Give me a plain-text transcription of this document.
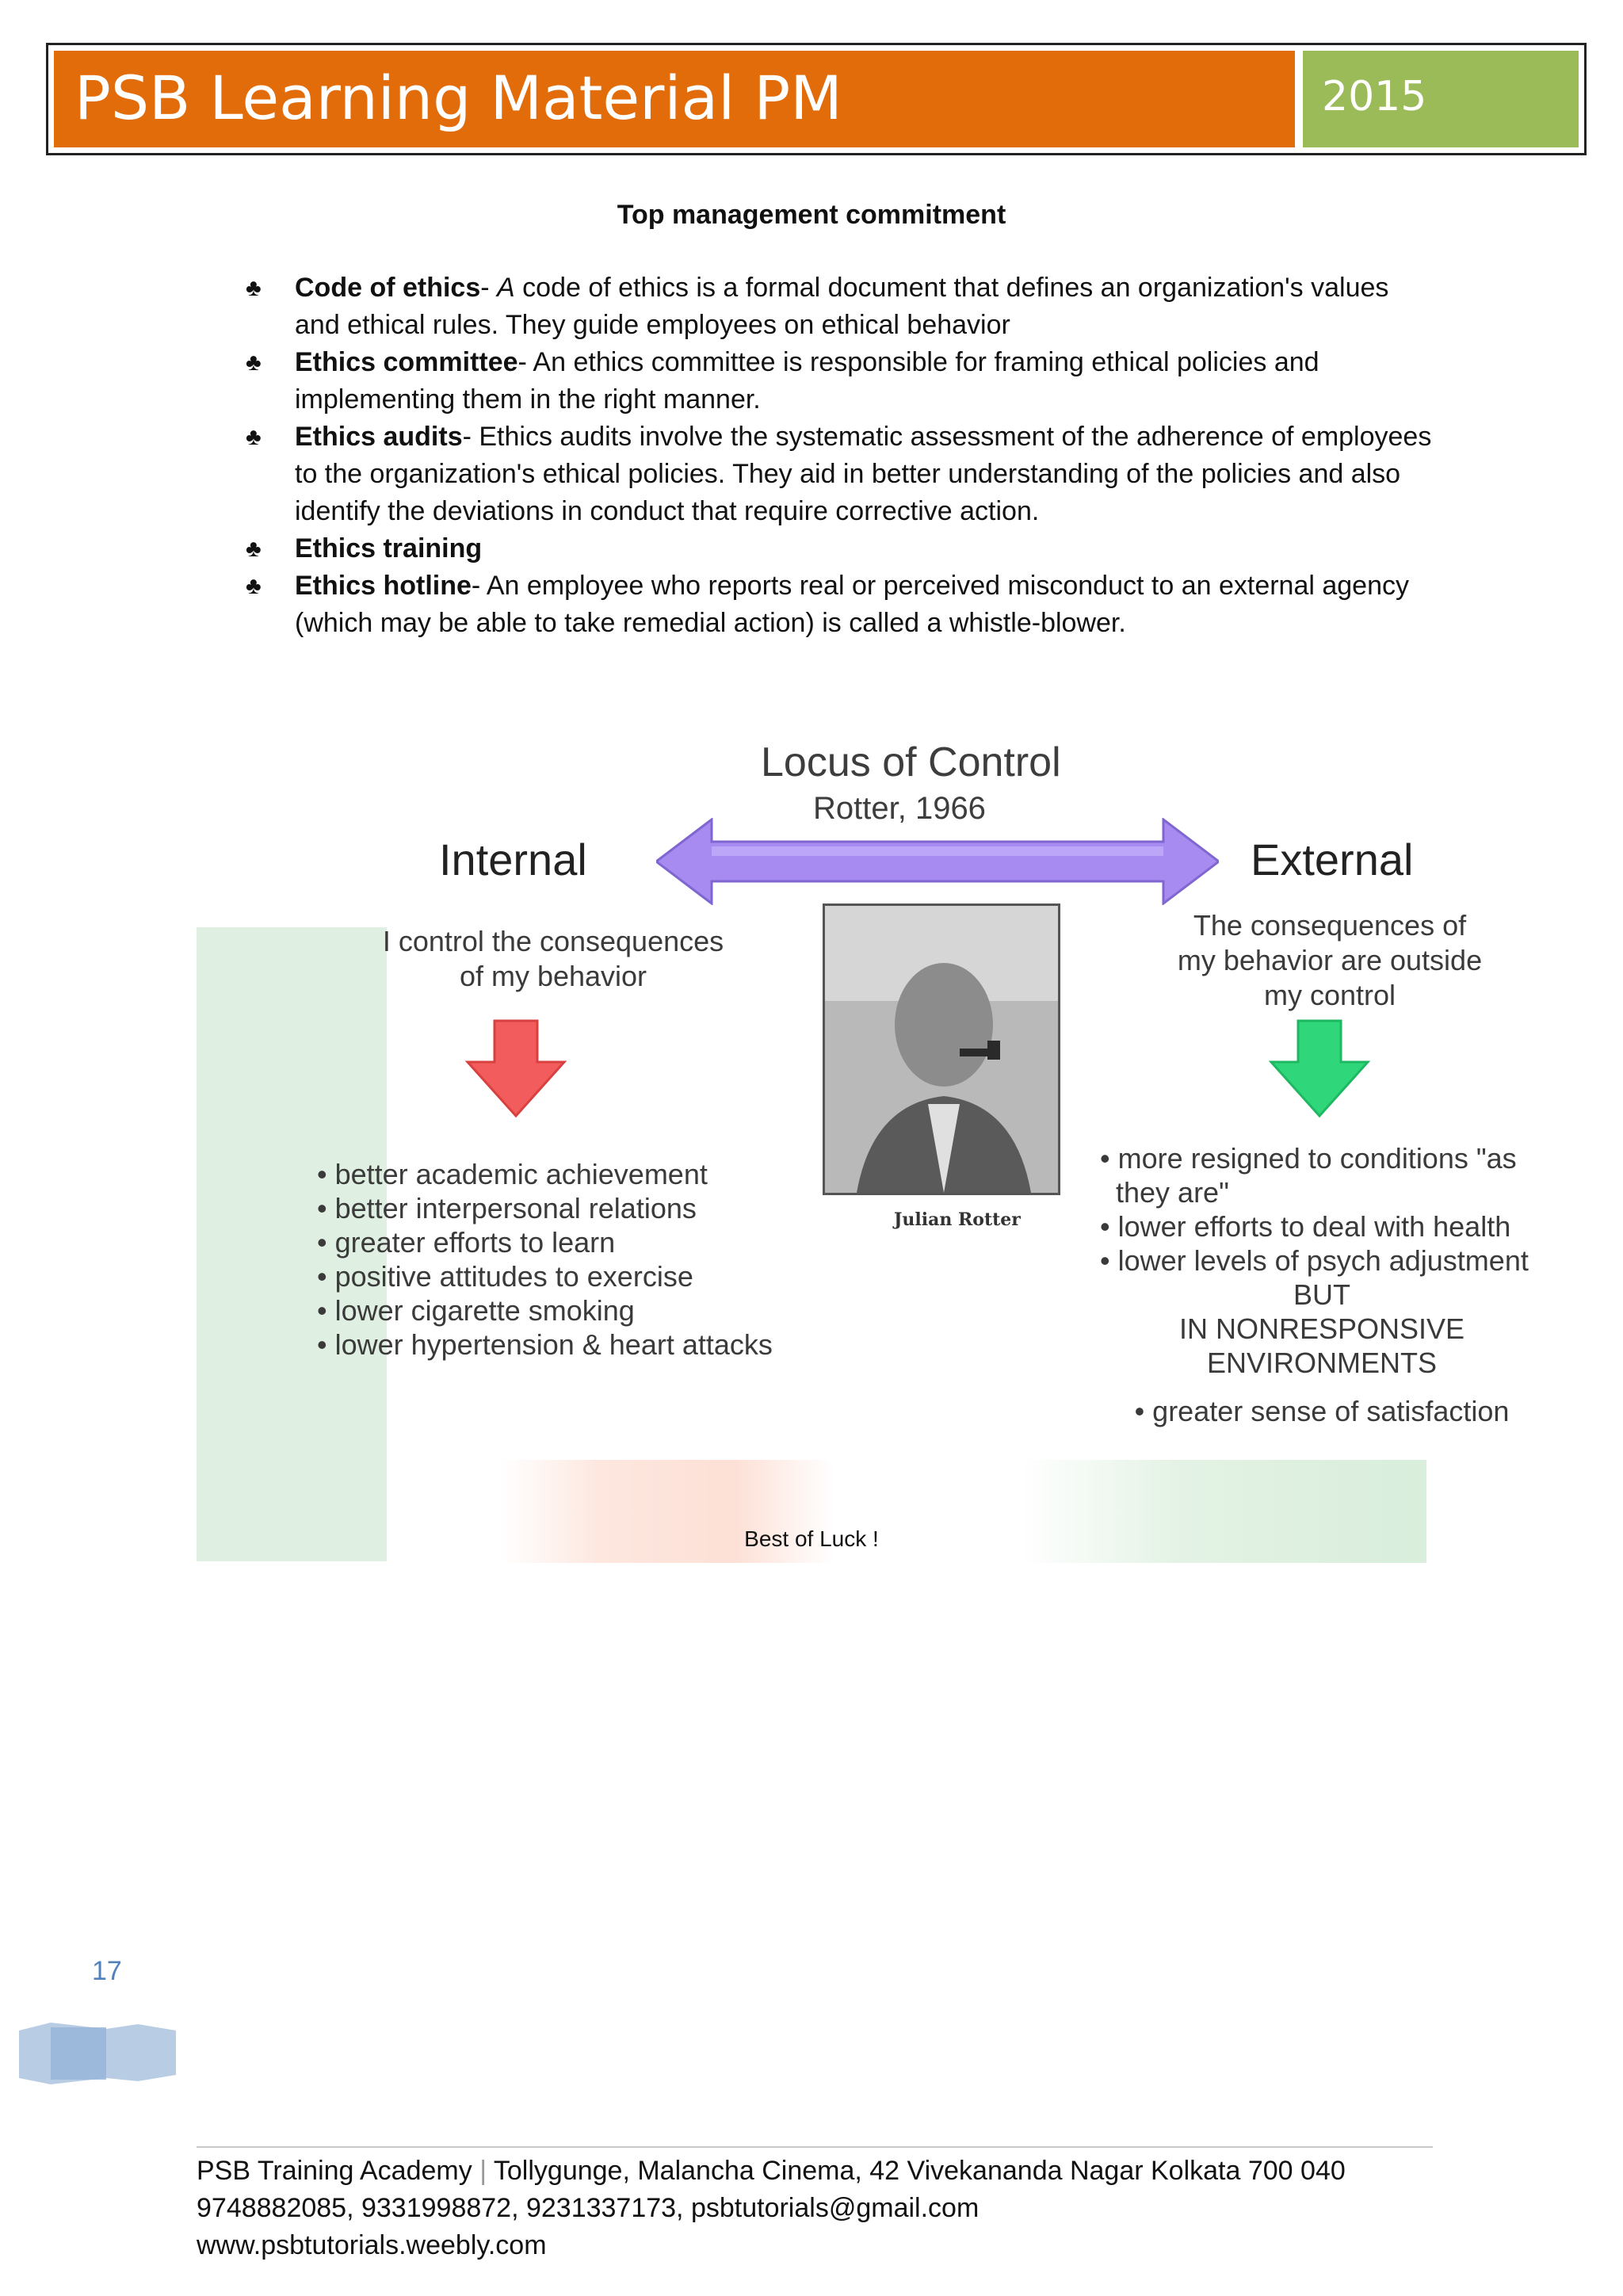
PSB Learning Material PM	2015
Top management commitment
♣ Code of ethics- A code of ethics is a formal document that defines an organization's values and ethical rules. They guide employees on ethical behavior
♣ Ethics committee- An ethics committee is responsible for framing ethical policies and implementing them in the right manner.
♣ Ethics audits- Ethics audits involve the systematic assessment of the adherence of employees to the organization's ethical policies. They aid in better understanding of the policies and also identify the deviations in conduct that require corrective action.
♣ Ethics training
♣ Ethics hotline- An employee who reports real or perceived misconduct to an external agency (which may be able to take remedial action) is called a whistle-blower.
Locus of Control
Rotter, 1966
Internal	External
I control the consequences
of my behavior
The consequences of
my behavior are outside
my control
Julian Rotter
• better academic achievement
• better interpersonal relations
• greater efforts to learn
• positive attitudes to exercise
• lower cigarette smoking
• lower hypertension & heart attacks
• more resigned to conditions "as they are"
• lower efforts to deal with health
• lower levels of psych adjustment
BUT
IN NONRESPONSIVE
ENVIRONMENTS
• greater sense of satisfaction
Best of Luck !
17
PSB Training Academy | Tollygunge, Malancha Cinema, 42 Vivekananda Nagar Kolkata 700 040
9748882085, 9331998872, 9231337173, psbtutorials@gmail.com
www.psbtutorials.weebly.com
